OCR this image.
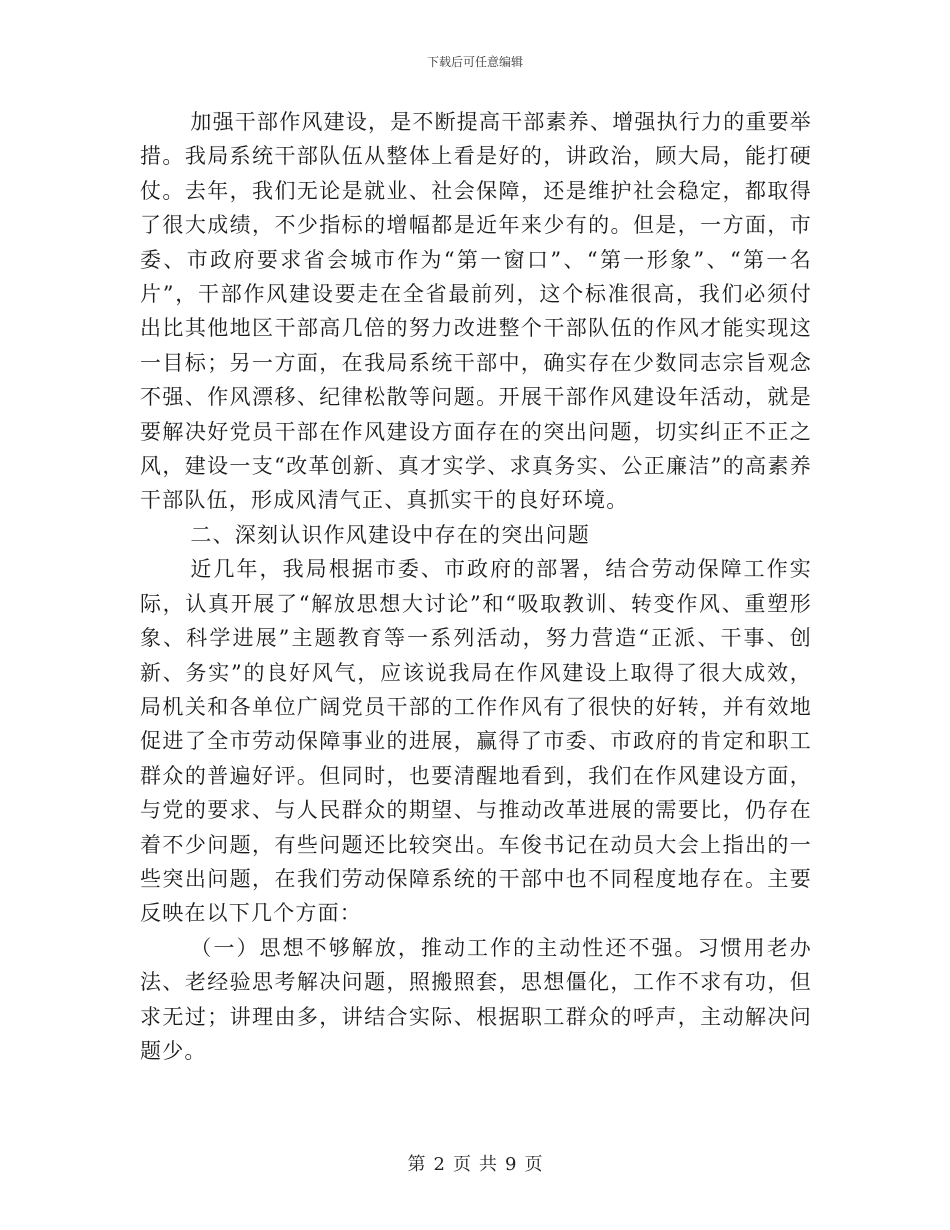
下载后可任意编辑

加强干部作风建设，是不断提高干部素养、增强执行力的重要举措。我局系统干部队伍从整体上看是好的，讲政治，顾大局，能打硬仗。去年，我们无论是就业、社会保障，还是维护社会稳定，都取得了很大成绩，不少指标的增幅都是近年来少有的。但是，一方面，市委、市政府要求省会城市作为“第一窗口”、“第一形象”、“第一名片”，干部作风建设要走在全省最前列，这个标准很高，我们必须付出比其他地区干部高几倍的努力改进整个干部队伍的作风才能实现这一目标；另一方面，在我局系统干部中，确实存在少数同志宗旨观念不强、作风漂移、纪律松散等问题。开展干部作风建设年活动，就是要解决好党员干部在作风建设方面存在的突出问题，切实纠正不正之风，建设一支“改革创新、真才实学、求真务实、公正廉洁”的高素养干部队伍，形成风清气正、真抓实干的良好环境。

二、深刻认识作风建设中存在的突出问题

近几年，我局根据市委、市政府的部署，结合劳动保障工作实际，认真开展了“解放思想大讨论”和“吸取教训、转变作风、重塑形象、科学进展”主题教育等一系列活动，努力营造“正派、干事、创新、务实”的良好风气，应该说我局在作风建设上取得了很大成效，局机关和各单位广阔党员干部的工作作风有了很快的好转，并有效地促进了全市劳动保障事业的进展，赢得了市委、市政府的肯定和职工群众的普遍好评。但同时，也要清醒地看到，我们在作风建设方面，与党的要求、与人民群众的期望、与推动改革进展的需要比，仍存在着不少问题，有些问题还比较突出。车俊书记在动员大会上指出的一些突出问题，在我们劳动保障系统的干部中也不同程度地存在。主要反映在以下几个方面：

（一）思想不够解放，推动工作的主动性还不强。习惯用老办法、老经验思考解决问题，照搬照套，思想僵化，工作不求有功，但求无过；讲理由多，讲结合实际、根据职工群众的呼声，主动解决问题少。

第 2 页 共 9 页
